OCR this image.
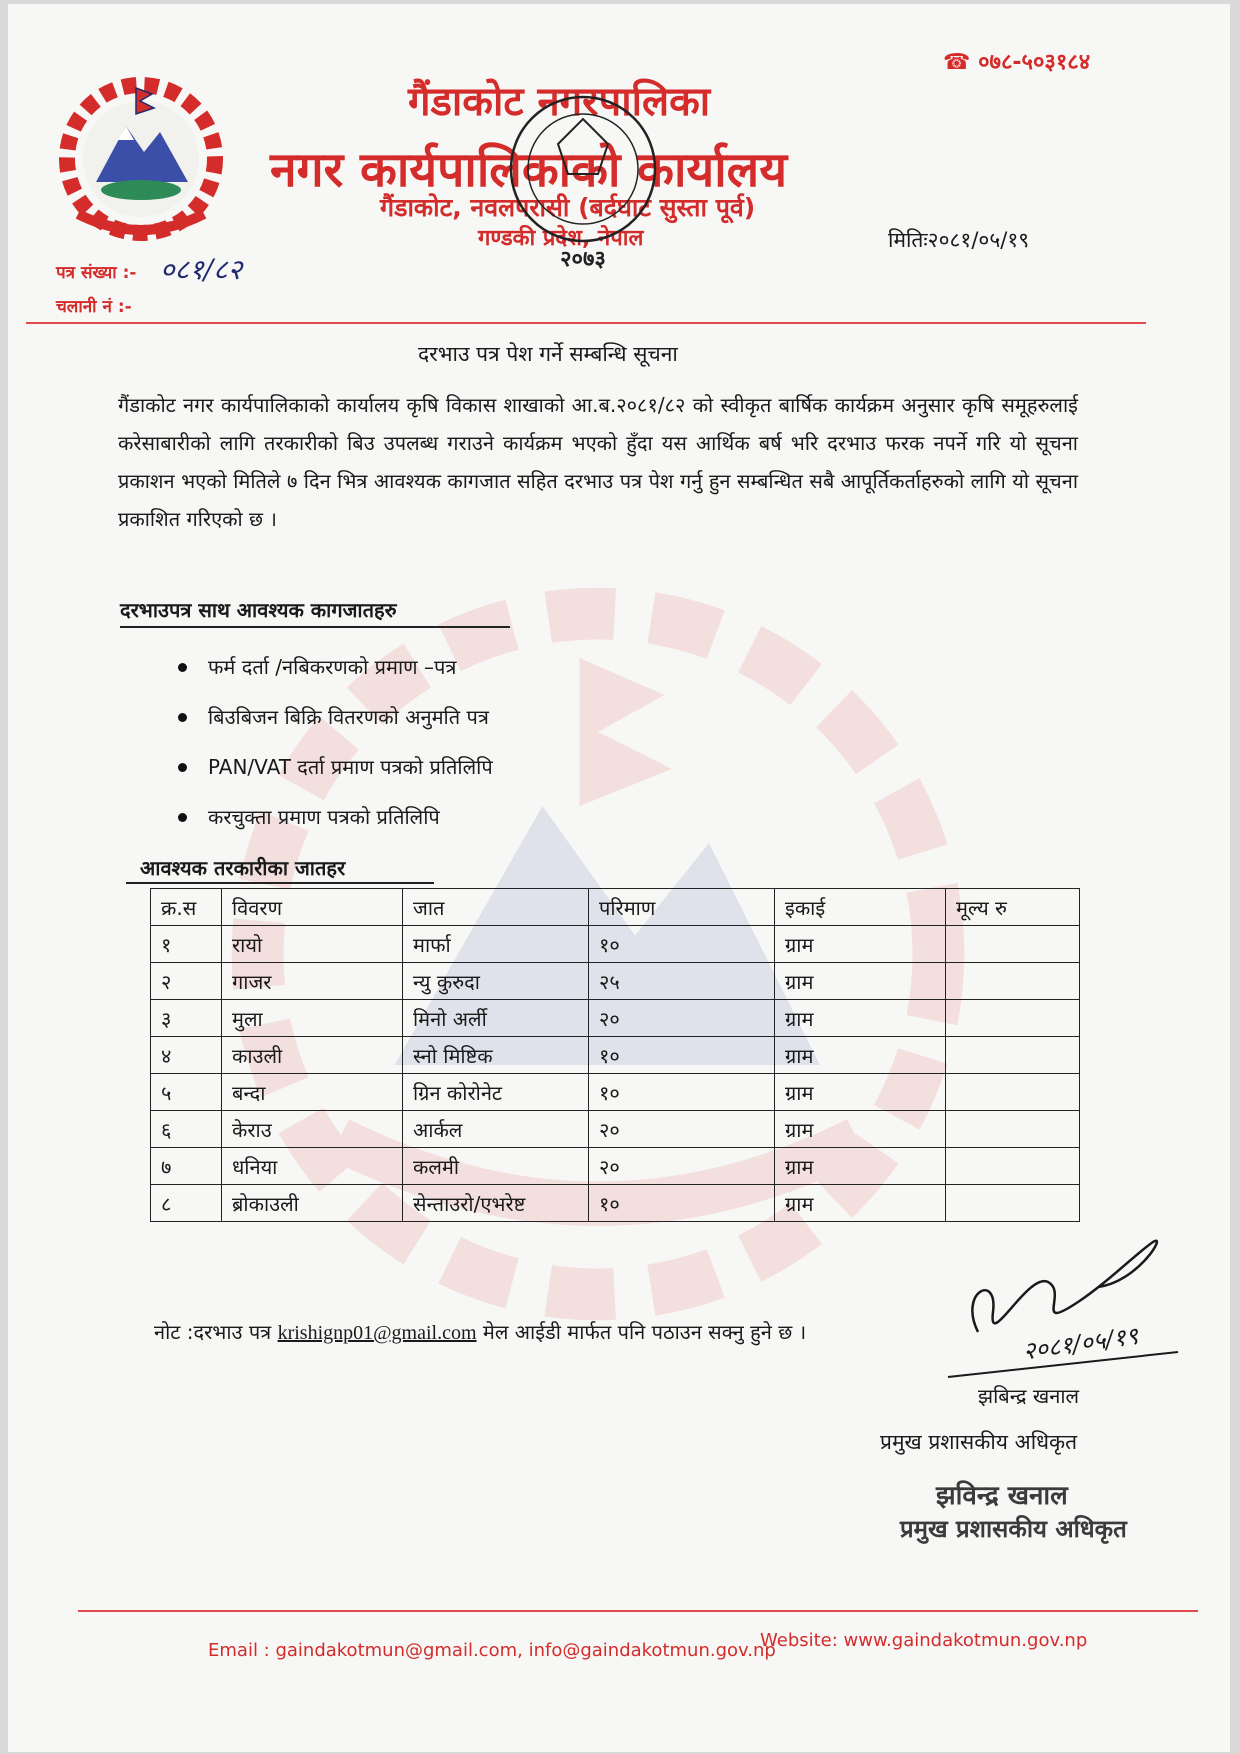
गैंडाकोट नगरपालिका
नगर कार्यपालिकाको कार्यालय
गैंडाकोट, नवलपरासी (बर्दघाट सुस्ता पूर्व)
गण्डकी प्रदेश, नेपाल
☎ ०७८-५०३१८४
२०७३
मितिः२०८१/०५/१९
पत्र संख्या :- ०८१/८२
चलानी नं :-
दरभाउ पत्र पेश गर्ने सम्बन्धि सूचना
गैंडाकोट नगर कार्यपालिकाको कार्यालय कृषि विकास शाखाको आ.ब.२०८१/८२ को स्वीकृत बार्षिक कार्यक्रम अनुसार कृषि समूहरुलाई करेसाबारीको लागि तरकारीको बिउ उपलब्ध गराउने कार्यक्रम भएको हुँदा यस आर्थिक बर्ष भरि दरभाउ फरक नपर्ने गरि यो सूचना प्रकाशन भएको मितिले ७ दिन भित्र आवश्यक कागजात सहित दरभाउ पत्र पेश गर्नु हुन सम्बन्धित सबै आपूर्तिकर्ताहरुको लागि यो सूचना प्रकाशित गरिएको छ ।
दरभाउपत्र साथ आवश्यक कागजातहरु
फर्म दर्ता /नबिकरणको प्रमाण –पत्र
बिउबिजन बिक्रि वितरणको अनुमति पत्र
PAN/VAT दर्ता प्रमाण पत्रको प्रतिलिपि
करचुक्ता प्रमाण पत्रको प्रतिलिपि
आवश्यक तरकारीका जातहर
क्र.स	विवरण	जात	परिमाण	इकाई	मूल्य रु
१	रायो	मार्फा	१०	ग्राम	
२	गाजर	न्यु कुरुदा	२५	ग्राम	
३	मुला	मिनो अर्ली	२०	ग्राम	
४	काउली	स्नो मिष्टिक	१०	ग्राम	
५	बन्दा	ग्रिन कोरोनेट	१०	ग्राम	
६	केराउ	आर्कल	२०	ग्राम	
७	धनिया	कलमी	२०	ग्राम	
८	ब्रोकाउली	सेन्ताउरो/एभरेष्ट	१०	ग्राम	
नोट :दरभाउ पत्र krishignp01@gmail.com मेल आईडी मार्फत पनि पठाउन सक्नु हुने छ ।	२०८१/०५/१९
झबिन्द्र खनाल
प्रमुख प्रशासकीय अधिकृत
झविन्द्र खनाल
प्रमुख प्रशासकीय अधिकृत
Email : gaindakotmun@gmail.com, info@gaindakotmun.gov.np
Website: www.gaindakotmun.gov.np
